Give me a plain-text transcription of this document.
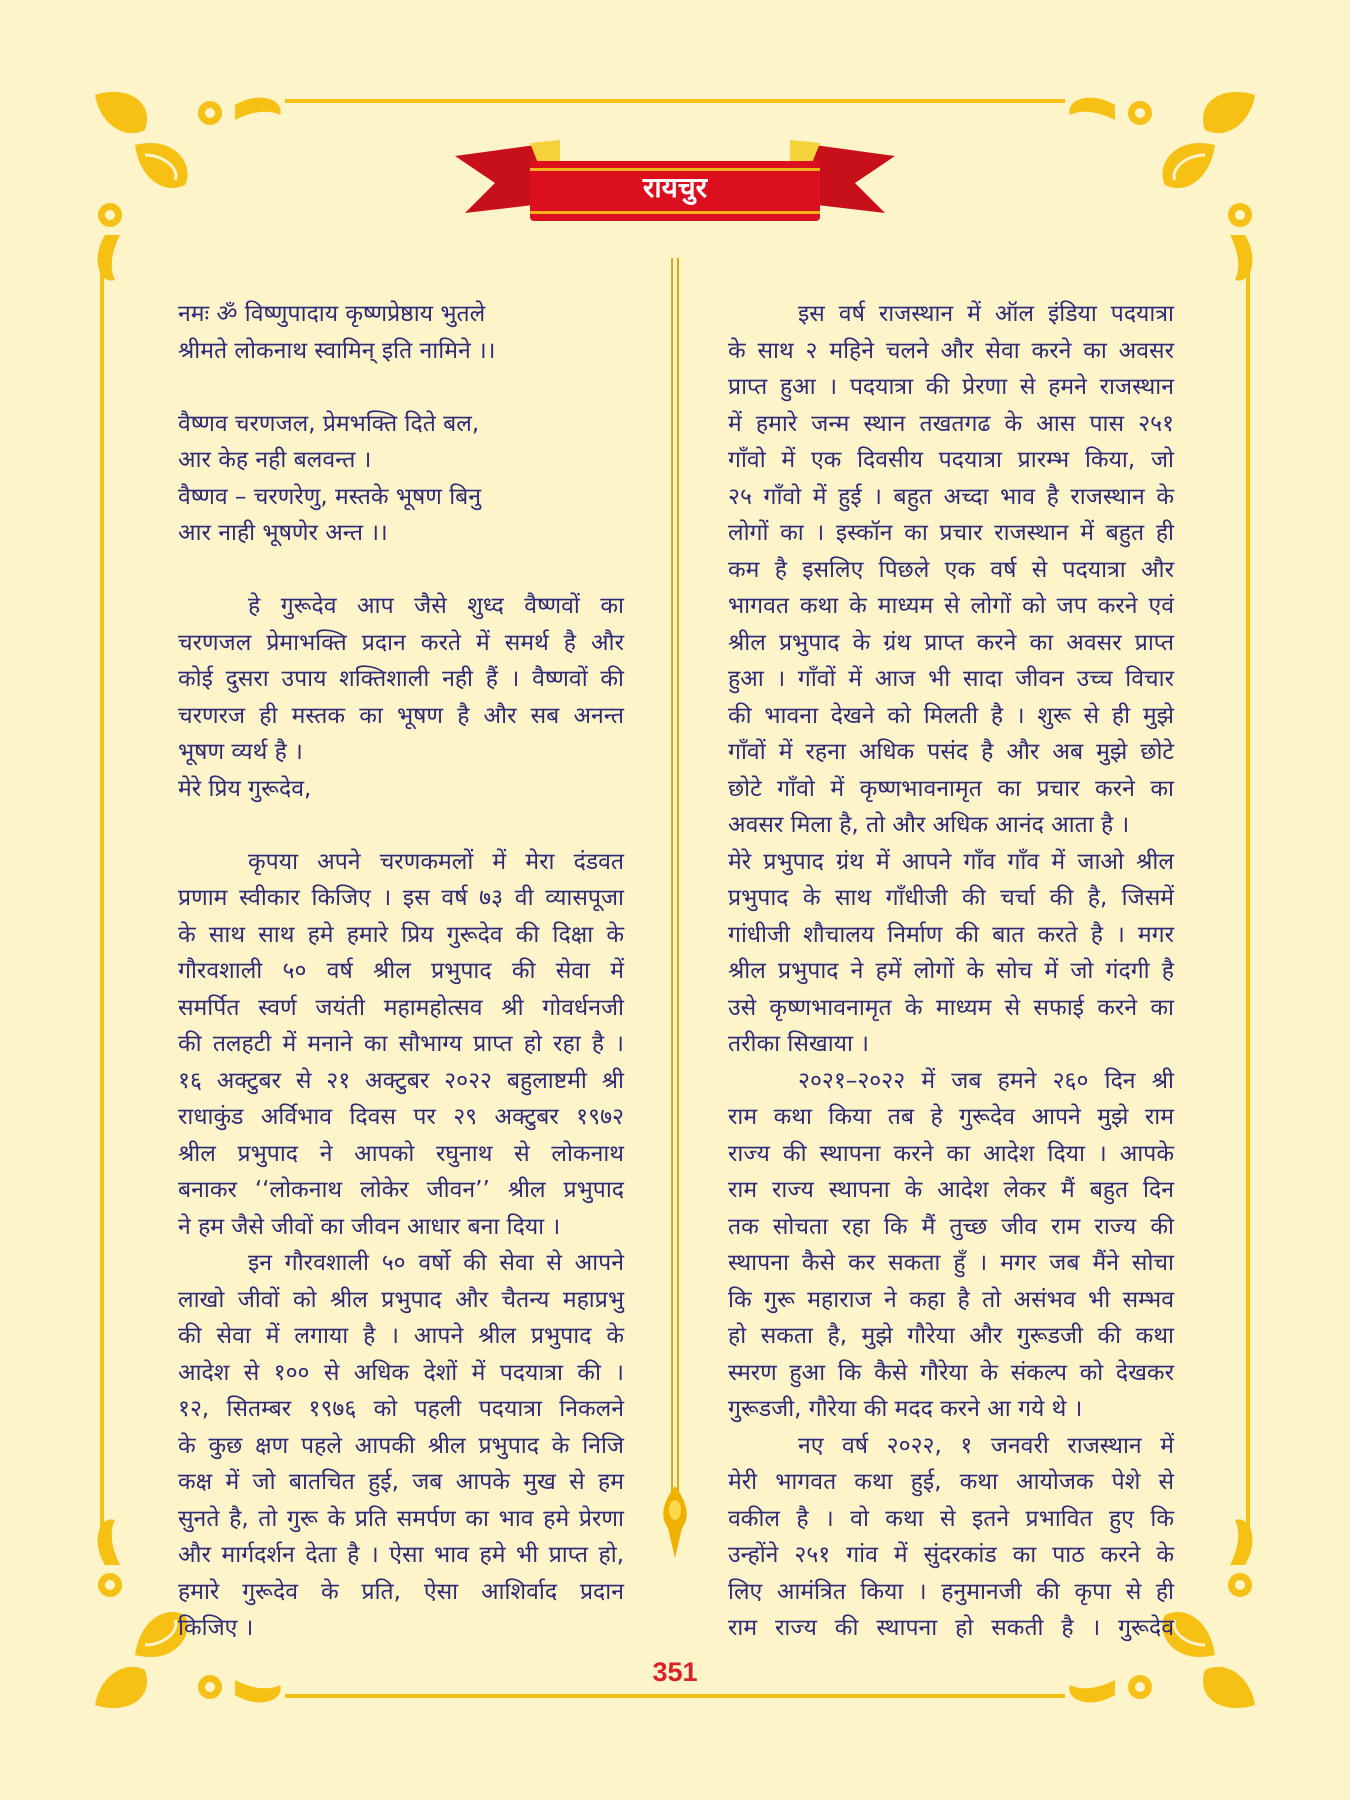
रायचुर
नमः ॐ विष्णुपादाय कृष्णप्रेष्ठाय भुतले
श्रीमते लोकनाथ स्वामिन् इति नामिने ।।
वैष्णव चरणजल, प्रेमभक्ति दिते बल,
आर केह नही बलवन्त ।
वैष्णव – चरणरेणु, मस्तके भूषण बिनु
आर नाही भूषणेर अन्त ।।
हे गुरूदेव आप जैसे शुध्द वैष्णवों का
चरणजल प्रेमाभक्ति प्रदान करते में समर्थ है और
कोई दुसरा उपाय शक्तिशाली नही हैं । वैष्णवों की
चरणरज ही मस्तक का भूषण है और सब अनन्त
भूषण व्यर्थ है ।
मेरे प्रिय गुरूदेव,
कृपया अपने चरणकमलों में मेरा दंडवत
प्रणाम स्वीकार किजिए । इस वर्ष ७३ वी व्यासपूजा
के साथ साथ हमे हमारे प्रिय गुरूदेव की दिक्षा के
गौरवशाली ५० वर्ष श्रील प्रभुपाद की सेवा में
समर्पित स्वर्ण जयंती महामहोत्सव श्री गोवर्धनजी
की तलहटी में मनाने का सौभाग्य प्राप्त हो रहा है ।
१६ अक्टुबर से २१ अक्टुबर २०२२ बहुलाष्टमी श्री
राधाकुंड अर्विभाव दिवस पर २९ अक्टुबर १९७२
श्रील प्रभुपाद ने आपको रघुनाथ से लोकनाथ
बनाकर ‘‘लोकनाथ लोकेर जीवन’’ श्रील प्रभुपाद
ने हम जैसे जीवों का जीवन आधार बना दिया ।
इन गौरवशाली ५० वर्षो की सेवा से आपने
लाखो जीवों को श्रील प्रभुपाद और चैतन्य महाप्रभु
की सेवा में लगाया है । आपने श्रील प्रभुपाद के
आदेश से १०० से अधिक देशों में पदयात्रा की ।
१२, सितम्बर १९७६ को पहली पदयात्रा निकलने
के कुछ क्षण पहले आपकी श्रील प्रभुपाद के निजि
कक्ष में जो बातचित हुई, जब आपके मुख से हम
सुनते है, तो गुरू के प्रति समर्पण का भाव हमे प्रेरणा
और मार्गदर्शन देता है । ऐसा भाव हमे भी प्राप्त हो,
हमारे गुरूदेव के प्रति, ऐसा आशिर्वाद प्रदान
किजिए ।
इस वर्ष राजस्थान में ऑल इंडिया पदयात्रा
के साथ २ महिने चलने और सेवा करने का अवसर
प्राप्त हुआ । पदयात्रा की प्रेरणा से हमने राजस्थान
में हमारे जन्म स्थान तखतगढ के आस पास २५१
गाँवो में एक दिवसीय पदयात्रा प्रारम्भ किया, जो
२५ गाँवो में हुई । बहुत अच्दा भाव है राजस्थान के
लोगों का । इस्कॉन का प्रचार राजस्थान में बहुत ही
कम है इसलिए पिछले एक वर्ष से पदयात्रा और
भागवत कथा के माध्यम से लोगों को जप करने एवं
श्रील प्रभुपाद के ग्रंथ प्राप्त करने का अवसर प्राप्त
हुआ । गाँवों में आज भी सादा जीवन उच्च विचार
की भावना देखने को मिलती है । शुरू से ही मुझे
गाँवों में रहना अधिक पसंद है और अब मुझे छोटे
छोटे गाँवो में कृष्णभावनामृत का प्रचार करने का
अवसर मिला है, तो और अधिक आनंद आता है ।
मेरे प्रभुपाद ग्रंथ में आपने गाँव गाँव में जाओ श्रील
प्रभुपाद के साथ गाँधीजी की चर्चा की है, जिसमें
गांधीजी शौचालय निर्माण की बात करते है । मगर
श्रील प्रभुपाद ने हमें लोगों के सोच में जो गंदगी है
उसे कृष्णभावनामृत के माध्यम से सफाई करने का
तरीका सिखाया ।
२०२१–२०२२ में जब हमने २६० दिन श्री
राम कथा किया तब हे गुरूदेव आपने मुझे राम
राज्य की स्थापना करने का आदेश दिया । आपके
राम राज्य स्थापना के आदेश लेकर मैं बहुत दिन
तक सोचता रहा कि मैं तुच्छ जीव राम राज्य की
स्थापना कैसे कर सकता हुँ । मगर जब मैंने सोचा
कि गुरू महाराज ने कहा है तो असंभव भी सम्भव
हो सकता है, मुझे गौरेया और गुरूडजी की कथा
स्मरण हुआ कि कैसे गौरेया के संकल्प को देखकर
गुरूडजी, गौरेया की मदद करने आ गये थे ।
नए वर्ष २०२२, १ जनवरी राजस्थान में
मेरी भागवत कथा हुई, कथा आयोजक पेशे से
वकील है । वो कथा से इतने प्रभावित हुए कि
उन्होंने २५१ गांव में सुंदरकांड का पाठ करने के
लिए आमंत्रित किया । हनुमानजी की कृपा से ही
राम राज्य की स्थापना हो सकती है । गुरूदेव
351
